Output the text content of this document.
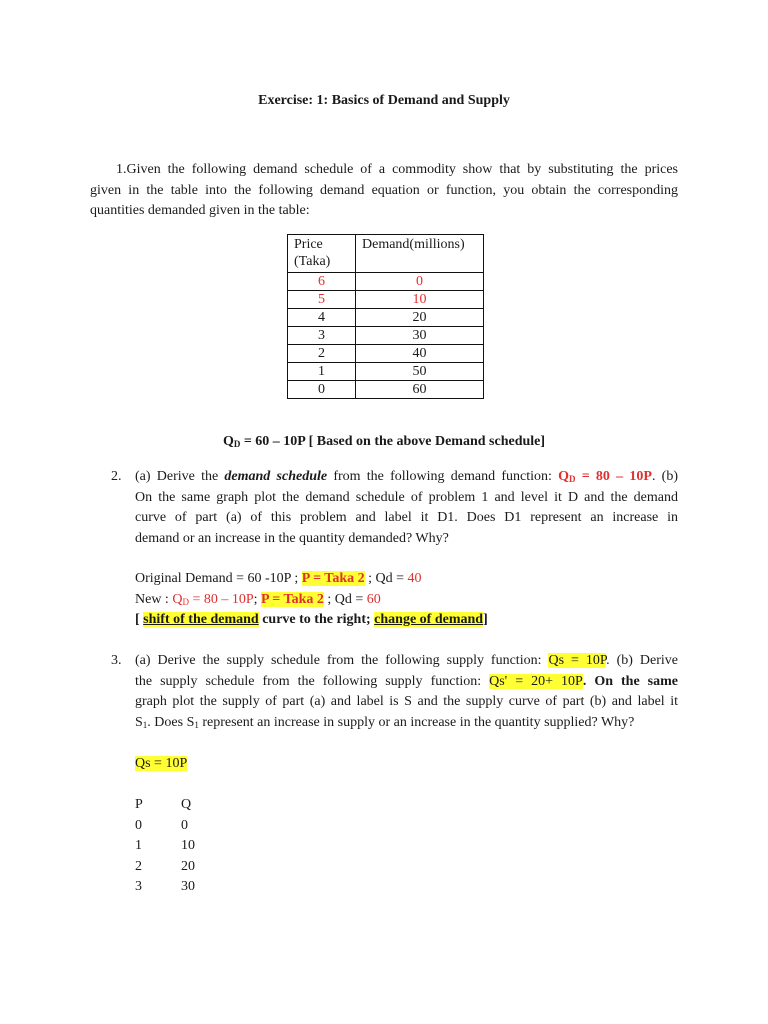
Exercise: 1: Basics of Demand and Supply
1.Given the following demand schedule of a commodity show that by substituting the prices
given in the table into the following demand equation or function, you obtain the corresponding
quantities demanded given in the table:
Price
(Taka)	Demand(millions)
6	0
5	10
4	20
3	30
2	40
1	50
0	60
$Q_D = 60 - 10P$ [ Based on the above Demand schedule]
2. (a) Derive the demand schedule from the following demand function: $Q_D = 80 - 10P$. (b)
On the same graph plot the demand schedule of problem 1 and level it D and the demand
curve of part (a) of this problem and label it D1. Does D1 represent an increase in
demand or an increase in the quantity demanded? Why?
Original Demand = 60 -10P ; P = Taka 2 ; Qd = 40
New : $Q_D = 80 - 10P$; P = Taka 2 ; Qd = 60
[ shift of the demand curve to the right; change of demand]
3. (a) Derive the supply schedule from the following supply function: Qs = 10P. (b) Derive
the supply schedule from the following supply function: Qs' = 20+ 10P. On the same
graph plot the supply of part (a) and label is S and the supply curve of part (b) and label it
$S_1$. Does $S_1$ represent an increase in supply or an increase in the quantity supplied? Why?
Qs = 10P
P	Q
0	0
1	10
2	20
3	30
